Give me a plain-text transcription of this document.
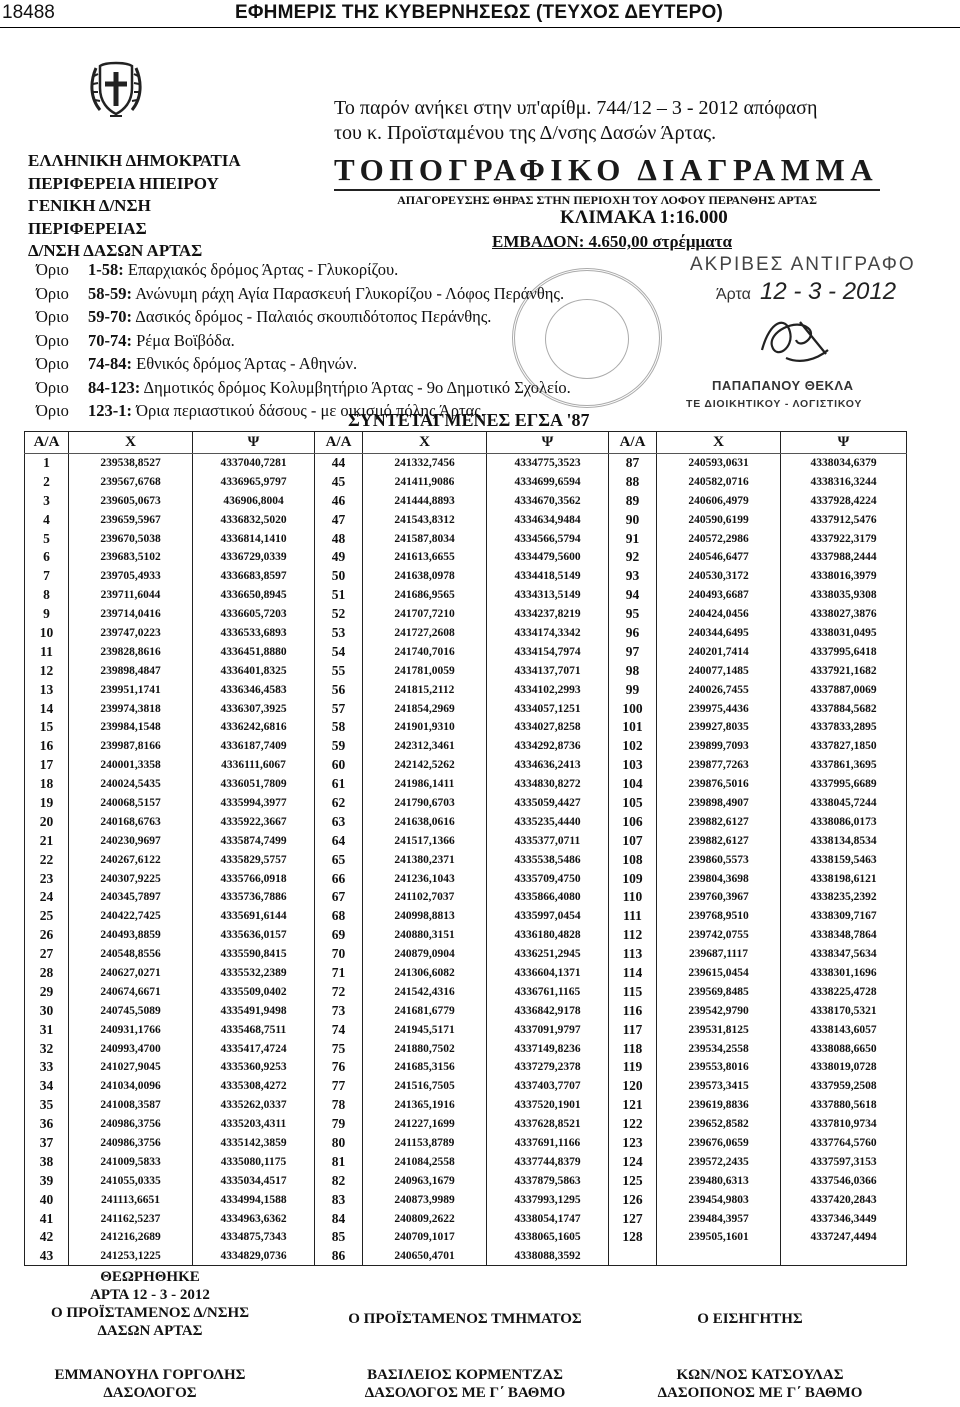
18488	ΕΦΗΜΕΡΙΣ ΤΗΣ ΚΥΒΕΡΝΗΣΕΩΣ (ΤΕΥΧΟΣ ΔΕΥΤΕΡΟ)
Το παρόν ανήκει στην υπ'αρίθμ. 744/12 – 3 - 2012 απόφαση
του κ. Προϊσταμένου της Δ/νσης Δασών Άρτας.
ΕΛΛΗΝΙΚΗ ΔΗΜΟΚΡΑΤΙΑ
ΠΕΡΙΦΕΡΕΙΑ ΗΠΕΙΡΟΥ
ΓΕΝΙΚΗ Δ/ΝΣΗ
ΠΕΡΙΦΕΡΕΙΑΣ
Δ/ΝΣΗ ΔΑΣΩΝ ΑΡΤΑΣ
ΤΟΠΟΓΡΑΦΙΚΟ ΔΙΑΓΡΑΜΜΑ
ΑΠΑΓΟΡΕΥΣΗΣ ΘΗΡΑΣ ΣΤΗΝ ΠΕΡΙΟΧΗ ΤΟΥ ΛΟΦΟΥ ΠΕΡΑΝΘΗΣ ΑΡΤΑΣ
ΚΛΙΜΑΚΑ 1:16.000
ΕΜΒΑΔΟΝ: 4.650,00 στρέμματα
Όριο 1-58: Επαρχιακός δρόμος Άρτας - Γλυκορίζου.
Όριο 58-59: Ανώνυμη ράχη Αγία Παρασκευή Γλυκορίζου - Λόφος Περάνθης.
Όριο 59-70: Δασικός δρόμος - Παλαιός σκουπιδότοπος Περάνθης.
Όριο 70-74: Ρέμα Βοϊβόδα.
Όριο 74-84: Εθνικός δρόμος Άρτας - Αθηνών.
Όριο 84-123: Δημοτικός δρόμος Κολυμβητήριο Άρτας - 9ο Δημοτικό Σχολείο.
Όριο 123-1: Όρια περιαστικού δάσους - με οικισμό πόλης Άρτας.
ΑΚΡΙΒΕΣ ΑΝΤΙΓΡΑΦΟ
Άρτα 12 - 3 - 2012
ΠΑΠΑΠΑΝΟΥ ΘΕΚΛΑ
ΤΕ ΔΙΟΙΚΗΤΙΚΟΥ - ΛΟΓΙΣΤΙΚΟΥ
ΣΥΝΤΕΤΑΓΜΕΝΕΣ ΕΓΣΑ '87
Α/Α	Χ	Ψ	Α/Α	Χ	Ψ	Α/Α	Χ	Ψ
1	239538,8527	4337040,7281	44	241332,7456	4334775,3523	87	240593,0631	4338034,6379
2	239567,6768	4336965,9797	45	241411,9086	4334699,6594	88	240582,0716	4338316,3244
3	239605,0673	436906,8004	46	241444,8893	4334670,3562	89	240606,4979	4337928,4224
4	239659,5967	4336832,5020	47	241543,8312	4334634,9484	90	240590,6199	4337912,5476
5	239670,5038	4336814,1410	48	241587,8034	4334566,5794	91	240572,2986	4337922,3179
6	239683,5102	4336729,0339	49	241613,6655	4334479,5600	92	240546,6477	4337988,2444
7	239705,4933	4336683,8597	50	241638,0978	4334418,5149	93	240530,3172	4338016,3979
8	239711,6044	4336650,8945	51	241686,9565	4334313,5149	94	240493,6687	4338035,9308
9	239714,0416	4336605,7203	52	241707,7210	4334237,8219	95	240424,0456	4338027,3876
10	239747,0223	4336533,6893	53	241727,2608	4334174,3342	96	240344,6495	4338031,0495
11	239828,8616	4336451,8880	54	241740,7016	4334154,7974	97	240201,7414	4337995,6418
12	239898,4847	4336401,8325	55	241781,0059	4334137,7071	98	240077,1485	4337921,1682
13	239951,1741	4336346,4583	56	241815,2112	4334102,2993	99	240026,7455	4337887,0069
14	239974,3818	4336307,3925	57	241854,2969	4334057,1251	100	239975,4436	4337884,5682
15	239984,1548	4336242,6816	58	241901,9310	4334027,8258	101	239927,8035	4337833,2895
16	239987,8166	4336187,7409	59	242312,3461	4334292,8736	102	239899,7093	4337827,1850
17	240001,3358	4336111,6067	60	242142,5262	4334636,2413	103	239877,7263	4337861,3695
18	240024,5435	4336051,7809	61	241986,1411	4334830,8272	104	239876,5016	4337995,6689
19	240068,5157	4335994,3977	62	241790,6703	4335059,4427	105	239898,4907	4338045,7244
20	240168,6763	4335922,3667	63	241638,0616	4335235,4440	106	239882,6127	4338086,0173
21	240230,9697	4335874,7499	64	241517,1366	4335377,0711	107	239882,6127	4338134,8534
22	240267,6122	4335829,5757	65	241380,2371	4335538,5486	108	239860,5573	4338159,5463
23	240307,9225	4335766,0918	66	241236,1043	4335709,4750	109	239804,3698	4338198,6121
24	240345,7897	4335736,7886	67	241102,7037	4335866,4080	110	239760,3967	4338235,2392
25	240422,7425	4335691,6144	68	240998,8813	4335997,0454	111	239768,9510	4338309,7167
26	240493,8859	4335636,0157	69	240880,3151	4336180,4828	112	239742,0755	4338348,7864
27	240548,8556	4335590,8415	70	240879,0904	4336251,2945	113	239687,1117	4338347,5634
28	240627,0271	4335532,2389	71	241306,6082	4336604,1371	114	239615,0454	4338301,1696
29	240674,6671	4335509,0402	72	241542,4316	4336761,1165	115	239569,8485	4338225,4728
30	240745,5089	4335491,9498	73	241681,6779	4336842,9178	116	239542,9790	4338170,5321
31	240931,1766	4335468,7511	74	241945,5171	4337091,9797	117	239531,8125	4338143,6057
32	240993,4700	4335417,4724	75	241880,7502	4337149,8236	118	239534,2558	4338088,6650
33	241027,9045	4335360,9253	76	241685,3156	4337279,2378	119	239553,8016	4338019,0728
34	241034,0096	4335308,4272	77	241516,7505	4337403,7707	120	239573,3415	4337959,2508
35	241008,3587	4335262,0337	78	241365,1916	4337520,1901	121	239619,8836	4337880,5618
36	240986,3756	4335203,4311	79	241227,1699	4337628,8521	122	239652,8582	4337810,9734
37	240986,3756	4335142,3859	80	241153,8789	4337691,1166	123	239676,0659	4337764,5760
38	241009,5833	4335080,1175	81	241084,2558	4337744,8379	124	239572,2435	4337597,3153
39	241055,0335	4335034,4517	82	240963,1679	4337879,5863	125	239480,6313	4337546,0366
40	241113,6651	4334994,1588	83	240873,9989	4337993,1295	126	239454,9803	4337420,2843
41	241162,5237	4334963,6362	84	240809,2622	4338054,1747	127	239484,3957	4337346,3449
42	241216,2689	4334875,7343	85	240709,1017	4338065,1605	128	239505,1601	4337247,4494
43	241253,1225	4334829,0736	86	240650,4701	4338088,3592			
ΘΕΩΡΗΘΗΚΕ
ΑΡΤΑ 12 - 3 - 2012
Ο ΠΡΟΪΣΤΑΜΕΝΟΣ Δ/ΝΣΗΣ
ΔΑΣΩΝ ΑΡΤΑΣ
Ο ΠΡΟΪΣΤΑΜΕΝΟΣ ΤΜΗΜΑΤΟΣ	Ο ΕΙΣΗΓΗΤΗΣ
ΕΜΜΑΝΟΥΗΛ ΓΟΡΓΟΛΗΣ
ΔΑΣΟΛΟΓΟΣ
ΒΑΣΙΛΕΙΟΣ ΚΟΡΜΕΝΤΖΑΣ
ΔΑΣΟΛΟΓΟΣ ΜΕ Γ΄ ΒΑΘΜΟ
ΚΩΝ/ΝΟΣ ΚΑΤΣΟΥΛΑΣ
ΔΑΣΟΠΟΝΟΣ ΜΕ Γ΄ ΒΑΘΜΟ
